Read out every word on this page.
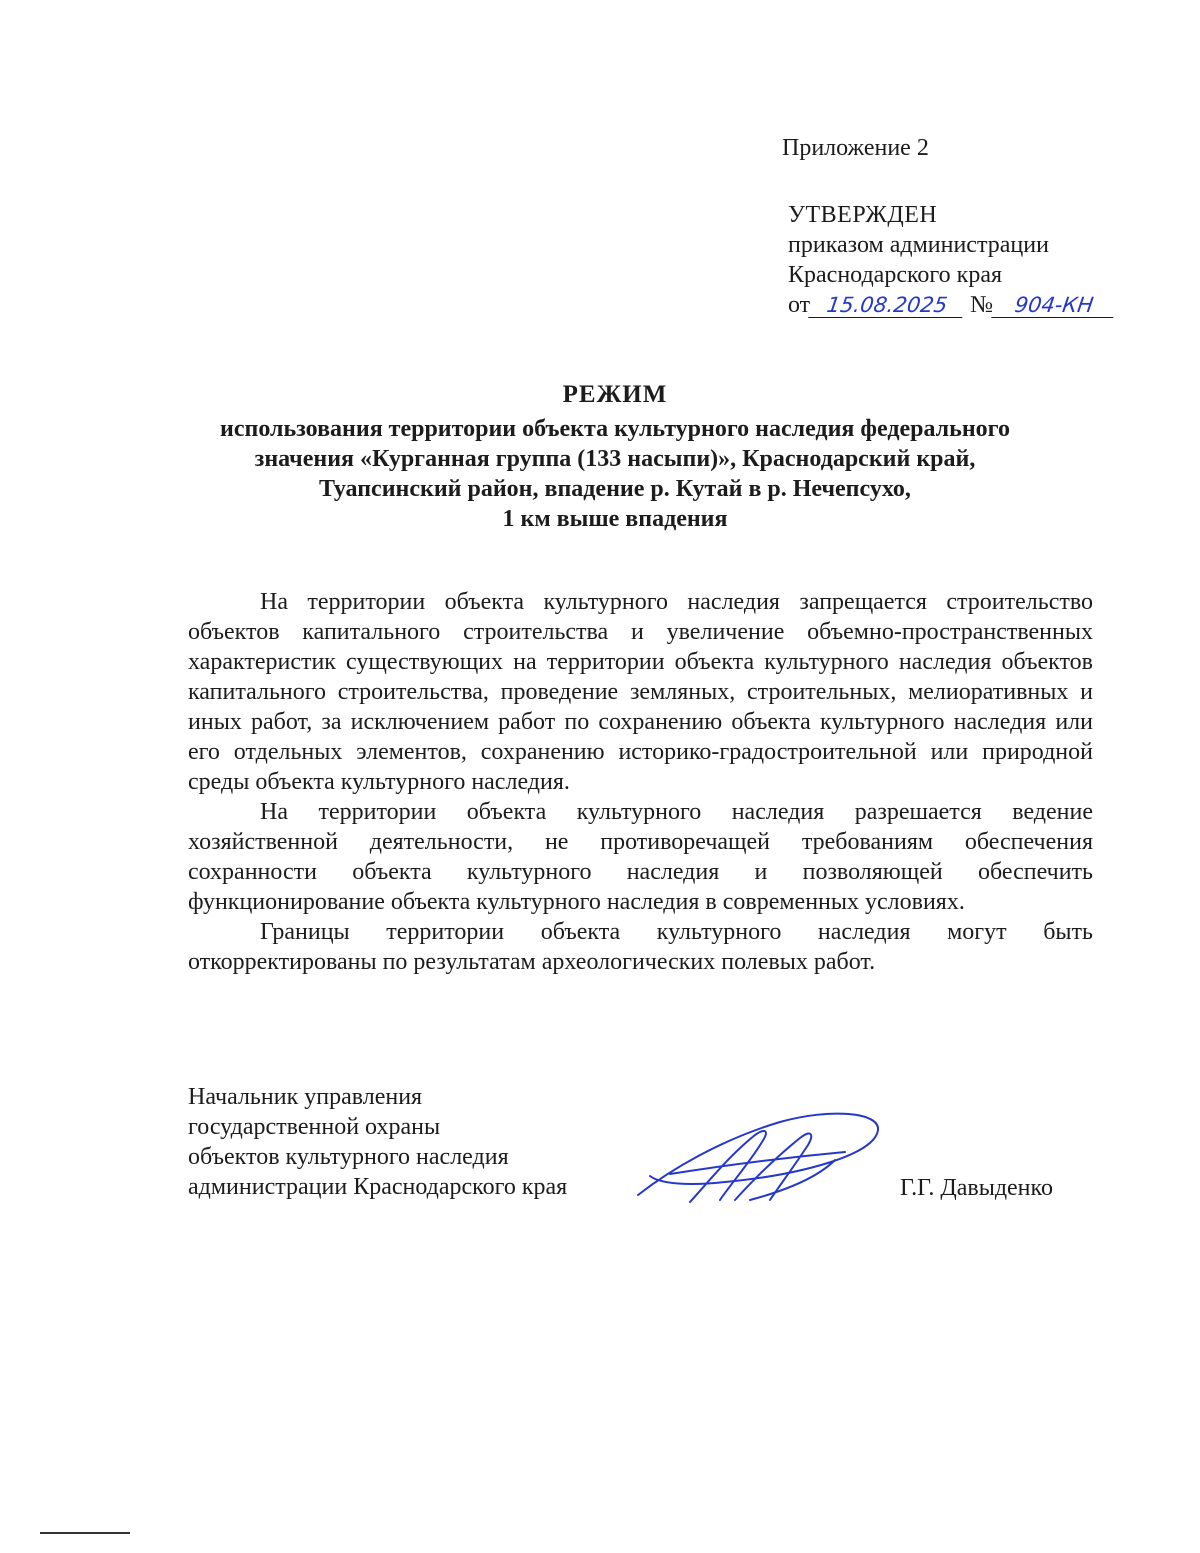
Приложение 2
УТВЕРЖДЕН
приказом администрации
Краснодарского края
от 15.08.2025 № 904-КН
РЕЖИМ
использования территории объекта культурного наследия федерального
значения «Курганная группа (133 насыпи)», Краснодарский край,
Туапсинский район, впадение р. Кутай в р. Нечепсухо,
1 км выше впадения

На территории объекта культурного наследия запрещается строительство объектов капитального строительства и увеличение объемно-пространственных характеристик существующих на территории объекта культурного наследия объектов капитального строительства, проведение земляных, строительных, мелиоративных и иных работ, за исключением работ по сохранению объекта культурного наследия или его отдельных элементов, сохранению историко-градостроительной или природной среды объекта культурного наследия.

На территории объекта культурного наследия разрешается ведение хозяйственной деятельности, не противоречащей требованиям обеспечения сохранности объекта культурного наследия и позволяющей обеспечить функционирование объекта культурного наследия в современных условиях.

Границы территории объекта культурного наследия могут быть откорректированы по результатам археологических полевых работ.

Начальник управления
государственной охраны
объектов культурного наследия
администрации Краснодарского края	Г.Г. Давыденко
